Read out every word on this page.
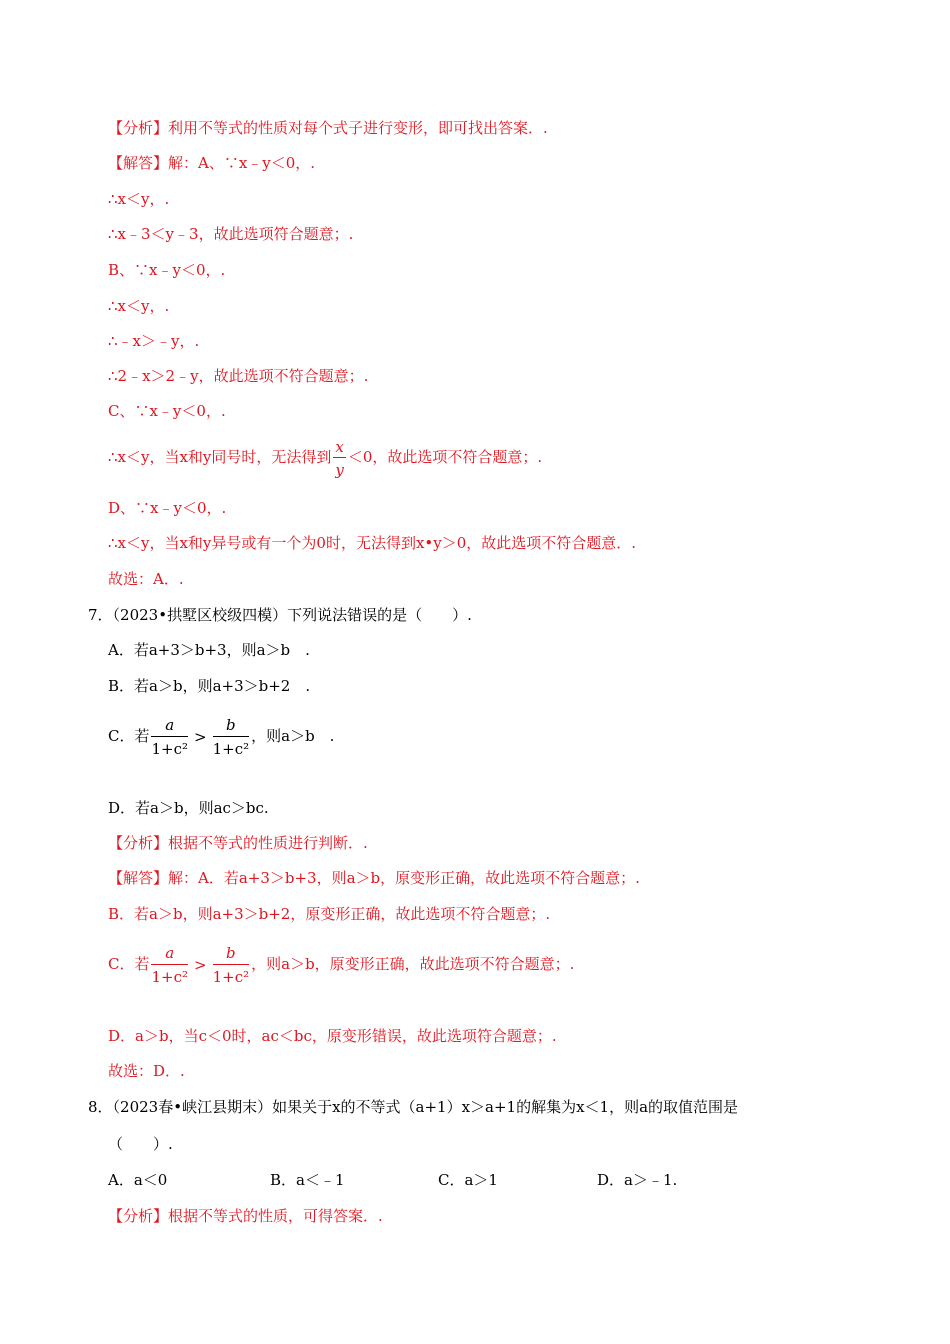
【分析】利用不等式的性质对每个式子进行变形，即可找出答案．.
【解答】解：A、∵x﹣y＜0，.
∴x＜y，.
∴x﹣3＜y﹣3，故此选项符合题意；.
B、∵x﹣y＜0，.
∴x＜y，.
∴﹣x＞﹣y，.
∴2﹣x＞2﹣y，故此选项不符合题意；.
C、∵x﹣y＜0，.
∴x＜y，当x和y同号时，无法得到 $\frac{x}{y} <0$，故此选项不符合题意；.
D、∵x﹣y＜0，.
∴x＜y，当x和y异号或有一个为0时，无法得到x•y＞0，故此选项不符合题意．.
故选：A．.
7．（2023•拱墅区校级四模）下列说法错误的是（　　）.
A．若a+3＞b+3，则a＞b　.
B．若a＞b，则a+3＞b+2　.
C．若 $\frac{a}{\text{1+c²}} > \frac{b}{\text{1+c²}}$ ，则a＞b　.
D．若a＞b，则ac＞bc.
【分析】根据不等式的性质进行判断．.
【解答】解：A．若a+3＞b+3，则a＞b，原变形正确，故此选项不符合题意；.
B．若a＞b，则a+3＞b+2，原变形正确，故此选项不符合题意；.
C．若 $\frac{a}{\text{1+c²}} > \frac{b}{\text{1+c²}}$ ，则a＞b，原变形正确，故此选项不符合题意；.
D．a＞b，当c＜0时，ac＜bc，原变形错误，故此选项符合题意；.
故选：D．.
8．（2023春•峡江县期末）如果关于x的不等式（a+1）x＞a+1的解集为x＜1，则a的取值范围是
（　　）.
A．a＜0	B．a＜﹣1	C．a＞1	D．a＞﹣1.
【分析】根据不等式的性质，可得答案．.
